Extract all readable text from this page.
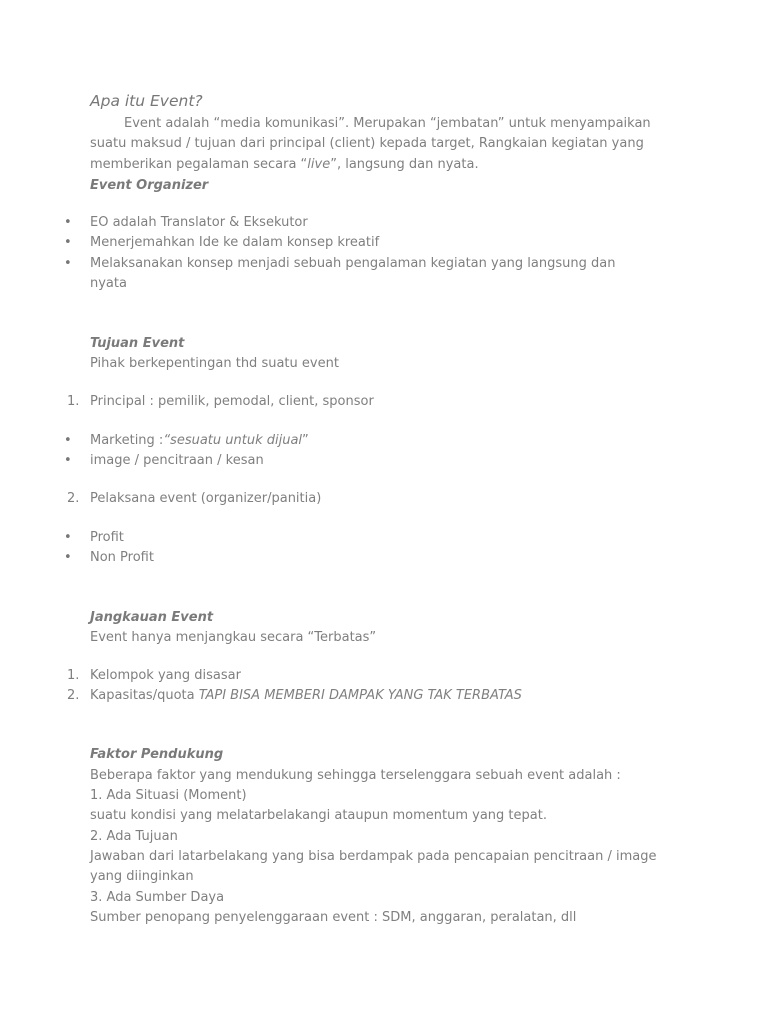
Apa itu Event?

Event adalah “media komunikasi”. Merupakan “jembatan” untuk menyampaikan suatu maksud / tujuan dari principal (client) kepada target, Rangkaian kegiatan yang memberikan pegalaman secara “live”, langsung dan nyata.

Event Organizer
• EO adalah Translator & Eksekutor
• Menerjemahkan Ide ke dalam konsep kreatif
• Melaksanakan konsep menjadi sebuah pengalaman kegiatan yang langsung dan nyata
Tujuan Event

Pihak berkepentingan thd suatu event

1. Principal : pemilik, pemodal, client, sponsor
• Marketing :“sesuatu untuk dijual”
• image / pencitraan / kesan
2. Pelaksana event (organizer/panitia)
• Profit
• Non Profit
Jangkauan Event

Event hanya menjangkau secara “Terbatas”

1. Kelompok yang disasar
2. Kapasitas/quota TAPI BISA MEMBERI DAMPAK YANG TAK TERBATAS
Faktor Pendukung

Beberapa faktor yang mendukung sehingga terselenggara sebuah event adalah :

1. Ada Situasi (Moment)

suatu kondisi yang melatarbelakangi ataupun momentum yang tepat.

2. Ada Tujuan

Jawaban dari latarbelakang yang bisa berdampak pada pencapaian pencitraan / image yang diinginkan

3. Ada Sumber Daya

Sumber penopang penyelenggaraan event : SDM, anggaran, peralatan, dll
